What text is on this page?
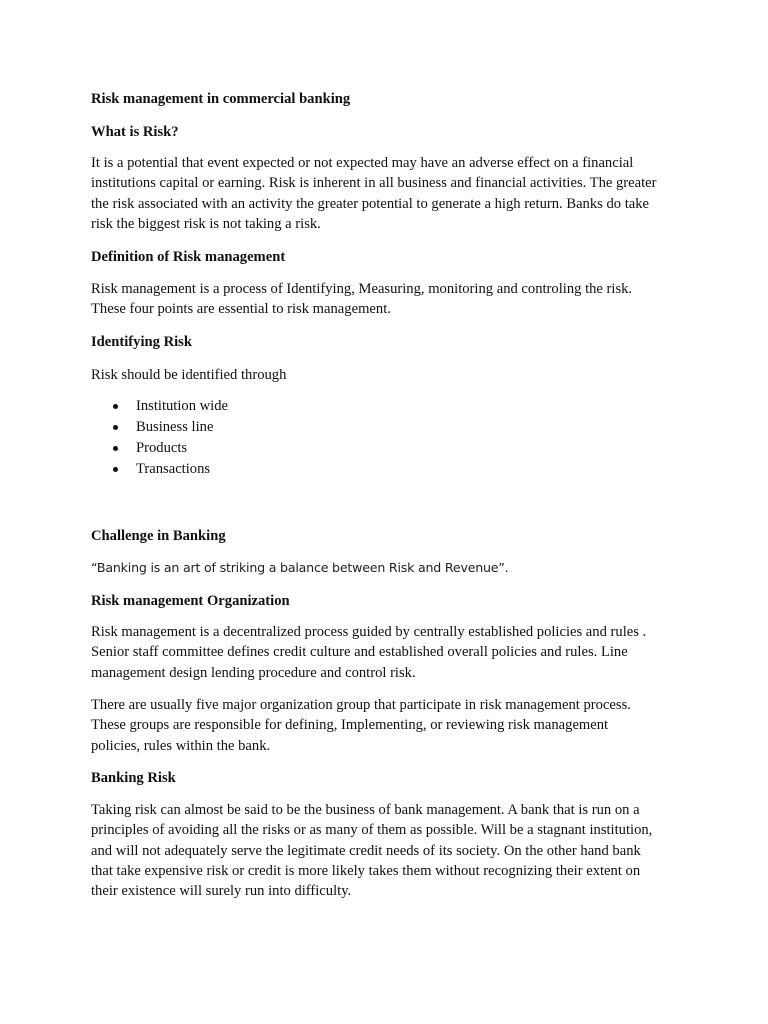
Risk management in commercial banking

What is Risk?

It is a potential that event expected or not expected may have an adverse effect on a financial
institutions capital or earning. Risk is inherent in all business and financial activities. The greater
the risk associated with an activity the greater potential to generate a high return. Banks do take
risk the biggest risk is not taking a risk.

Definition of Risk management

Risk management is a process of Identifying, Measuring, monitoring and controling the risk.
These four points are essential to risk management.

Identifying Risk

Risk should be identified through

Institution wide
Business line
Products
Transactions

Challenge in Banking

“Banking is an art of striking a balance between Risk and Revenue”.

Risk management Organization

Risk management is a decentralized process guided by centrally established policies and rules .
Senior staff committee defines credit culture and established overall policies and rules. Line
management design lending procedure and control risk.
There are usually five major organization group that participate in risk management process.
These groups are responsible for defining, Implementing, or reviewing risk management
policies, rules within the bank.

Banking Risk

Taking risk can almost be said to be the business of bank management. A bank that is run on a
principles of avoiding all the risks or as many of them as possible. Will be a stagnant institution,
and will not adequately serve the legitimate credit needs of its society. On the other hand bank
that take expensive risk or credit is more likely takes them without recognizing their extent on
their existence will surely run into difficulty.
